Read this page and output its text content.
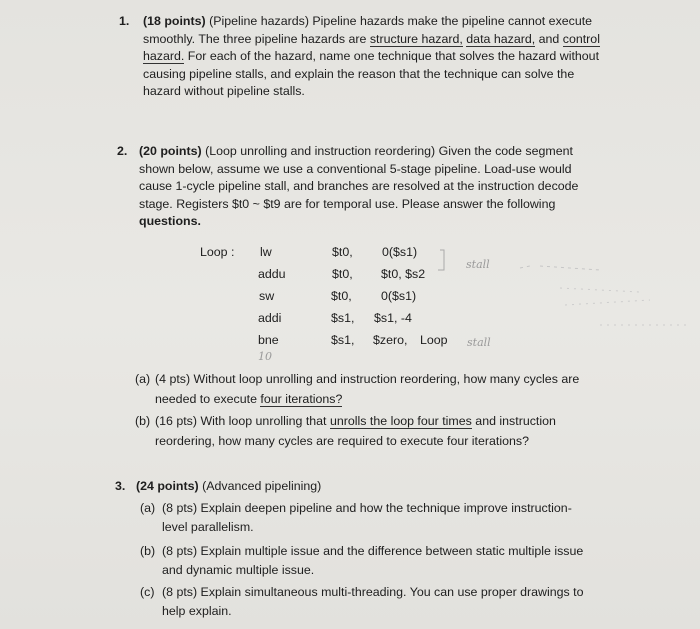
1. (18 points) (Pipeline hazards) Pipeline hazards make the pipeline cannot execute
smoothly. The three pipeline hazards are structure hazard, data hazard, and control
hazard. For each of the hazard, name one technique that solves the hazard without
causing pipeline stalls, and explain the reason that the technique can solve the
hazard without pipeline stalls.
2. (20 points) (Loop unrolling and instruction reordering) Given the code segment
shown below, assume we use a conventional 5-stage pipeline. Load-use would
cause 1-cycle pipeline stall, and branches are resolved at the instruction decode
stage. Registers $t0 ~ $t9 are for temporal use. Please answer the following
questions.
Loop : lw	$t0, 0($s1)
addu	$t0, $t0, $s2
sw	$t0, 0($s1)
addi	$s1, $s1, -4
bne	$s1, $zero, Loop
stall
stall
10
(a) (4 pts) Without loop unrolling and instruction reordering, how many cycles are
needed to execute four iterations?
(b) (16 pts) With loop unrolling that unrolls the loop four times and instruction
reordering, how many cycles are required to execute four iterations?
3. (24 points) (Advanced pipelining)
(a) (8 pts) Explain deepen pipeline and how the technique improve instruction-
level parallelism.
(b) (8 pts) Explain multiple issue and the difference between static multiple issue
and dynamic multiple issue.
(c) (8 pts) Explain simultaneous multi-threading. You can use proper drawings to
help explain.
